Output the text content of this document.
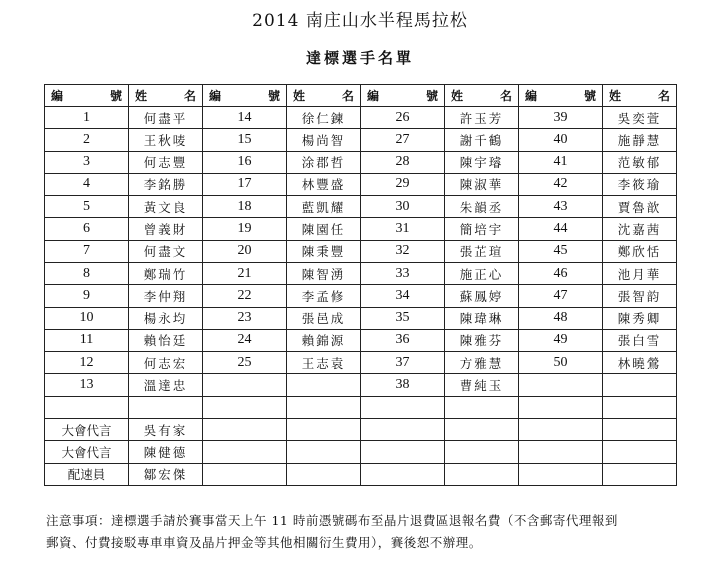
2014 南庄山水半程馬拉松
達標選手名單
編 號	姓 名	編 號	姓 名	編 號	姓 名	編 號	姓 名

1	何盡平	14	徐仁鍊	26	許玉芳	39	吳奕萱
2	王秋唛	15	楊尚智	27	謝千鶴	40	施靜慧
3	何志豐	16	涂郡哲	28	陳宇璿	41	范敏郁
4	李銘勝	17	林豐盛	29	陳淑華	42	李筱瑜
5	黃文良	18	藍凱耀	30	朱韻丞	43	賈魯歆
6	曾義財	19	陳園任	31	簡培宇	44	沈嘉茜
7	何盡文	20	陳秉豐	32	張芷瑄	45	鄭欣恬
8	鄭瑞竹	21	陳智湧	33	施正心	46	池月華
9	李仲翔	22	李孟修	34	蘇鳳婷	47	張智韵
10	楊永均	23	張邑成	35	陳瑋琳	48	陳秀卿
11	賴怡廷	24	賴錦源	36	陳雅芬	49	張白雪
12	何志宏	25	王志袁	37	方雅慧	50	林曉鶯
13	溫達忠			38	曹純玉		

大會代言	吳有家						
大會代言	陳健德						
配速員	鄒宏傑						
注意事項：達標選手請於賽事當天上午 11 時前憑號碼布至晶片退費區退報名費（不含郵寄代理報到
郵資、付費接駁專車車資及晶片押金等其他相關衍生費用），賽後恕不辦理。
